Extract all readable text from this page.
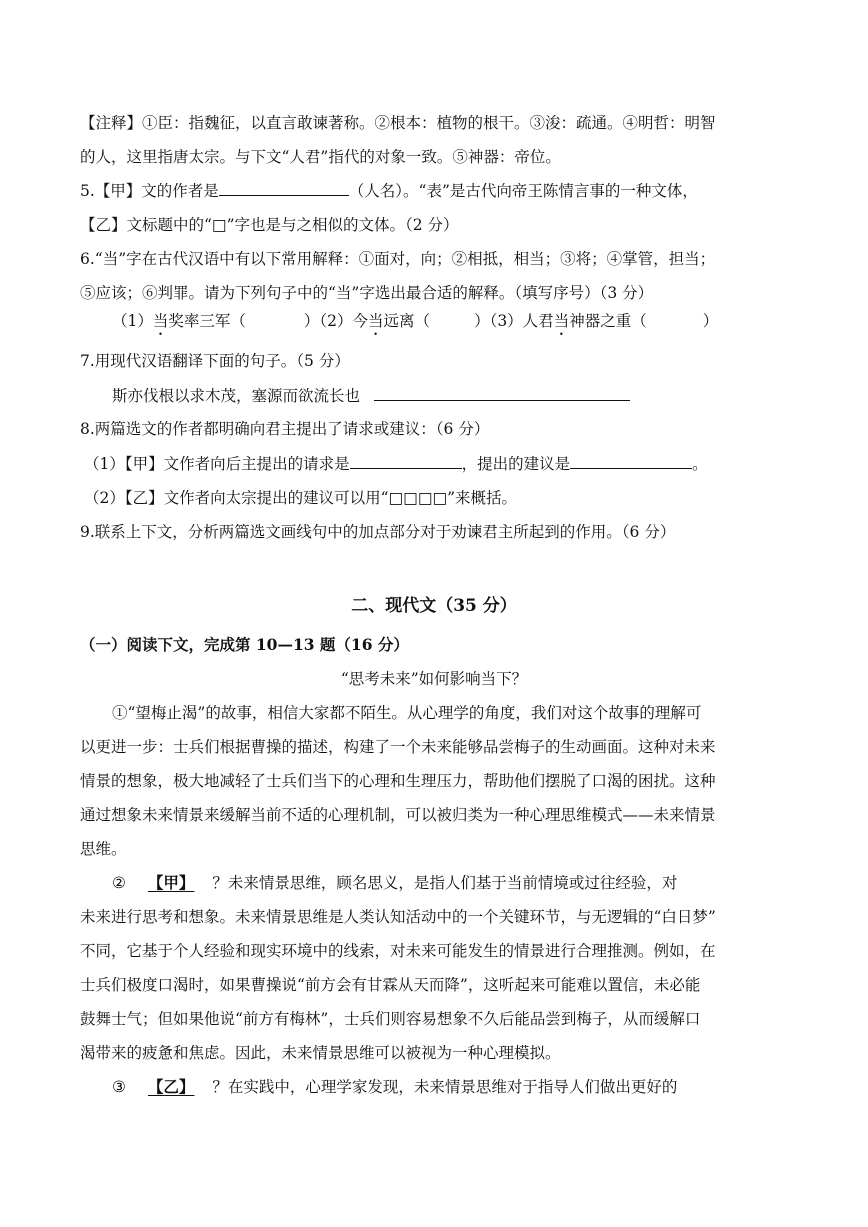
【注释】①臣：指魏征，以直言敢谏著称。②根本：植物的根干。③浚：疏通。④明哲：明智
的人，这里指唐太宗。与下文“人君”指代的对象一致。⑤神器：帝位。
5.【甲】文的作者是	（人名）。“表”是古代向帝王陈情言事的一种文体，
【乙】文标题中的“□”字也是与之相似的文体。（2 分）
6.“当”字在古代汉语中有以下常用解释：①面对，向；②相抵，相当；③将；④掌管，担当；
⑤应该；⑥判罪。请为下列句子中的“当”字选出最合适的解释。（填写序号）（3 分）
（1）当奖率三军（	）（2）今当远离（	）（3）人君当神器之重（	）
7.用现代汉语翻译下面的句子。（5 分）
斯亦伐根以求木茂，塞源而欲流长也
8.两篇选文的作者都明确向君主提出了请求或建议：（6 分）
（1）【甲】文作者向后主提出的请求是	，提出的建议是	。
（2）【乙】文作者向太宗提出的建议可以用“□□□□”来概括。
9.联系上下文，分析两篇选文画线句中的加点部分对于劝谏君主所起到的作用。（6 分）
二、现代文（35 分）
（一）阅读下文，完成第 10—13 题（16 分）
“思考未来”如何影响当下？
①“望梅止渴”的故事，相信大家都不陌生。从心理学的角度，我们对这个故事的理解可
以更进一步：士兵们根据曹操的描述，构建了一个未来能够品尝梅子的生动画面。这种对未来
情景的想象，极大地减轻了士兵们当下的心理和生理压力，帮助他们摆脱了口渴的困扰。这种
通过想象未来情景来缓解当前不适的心理机制，可以被归类为一种心理思维模式——未来情景
思维。
② 【甲】 ？未来情景思维，顾名思义，是指人们基于当前情境或过往经验，对
未来进行思考和想象。未来情景思维是人类认知活动中的一个关键环节，与无逻辑的“白日梦”
不同，它基于个人经验和现实环境中的线索，对未来可能发生的情景进行合理推测。例如，在
士兵们极度口渴时，如果曹操说“前方会有甘霖从天而降”，这听起来可能难以置信，未必能
鼓舞士气；但如果他说“前方有梅林”，士兵们则容易想象不久后能品尝到梅子，从而缓解口
渴带来的疲惫和焦虑。因此，未来情景思维可以被视为一种心理模拟。
③ 【乙】 ？在实践中，心理学家发现，未来情景思维对于指导人们做出更好的
